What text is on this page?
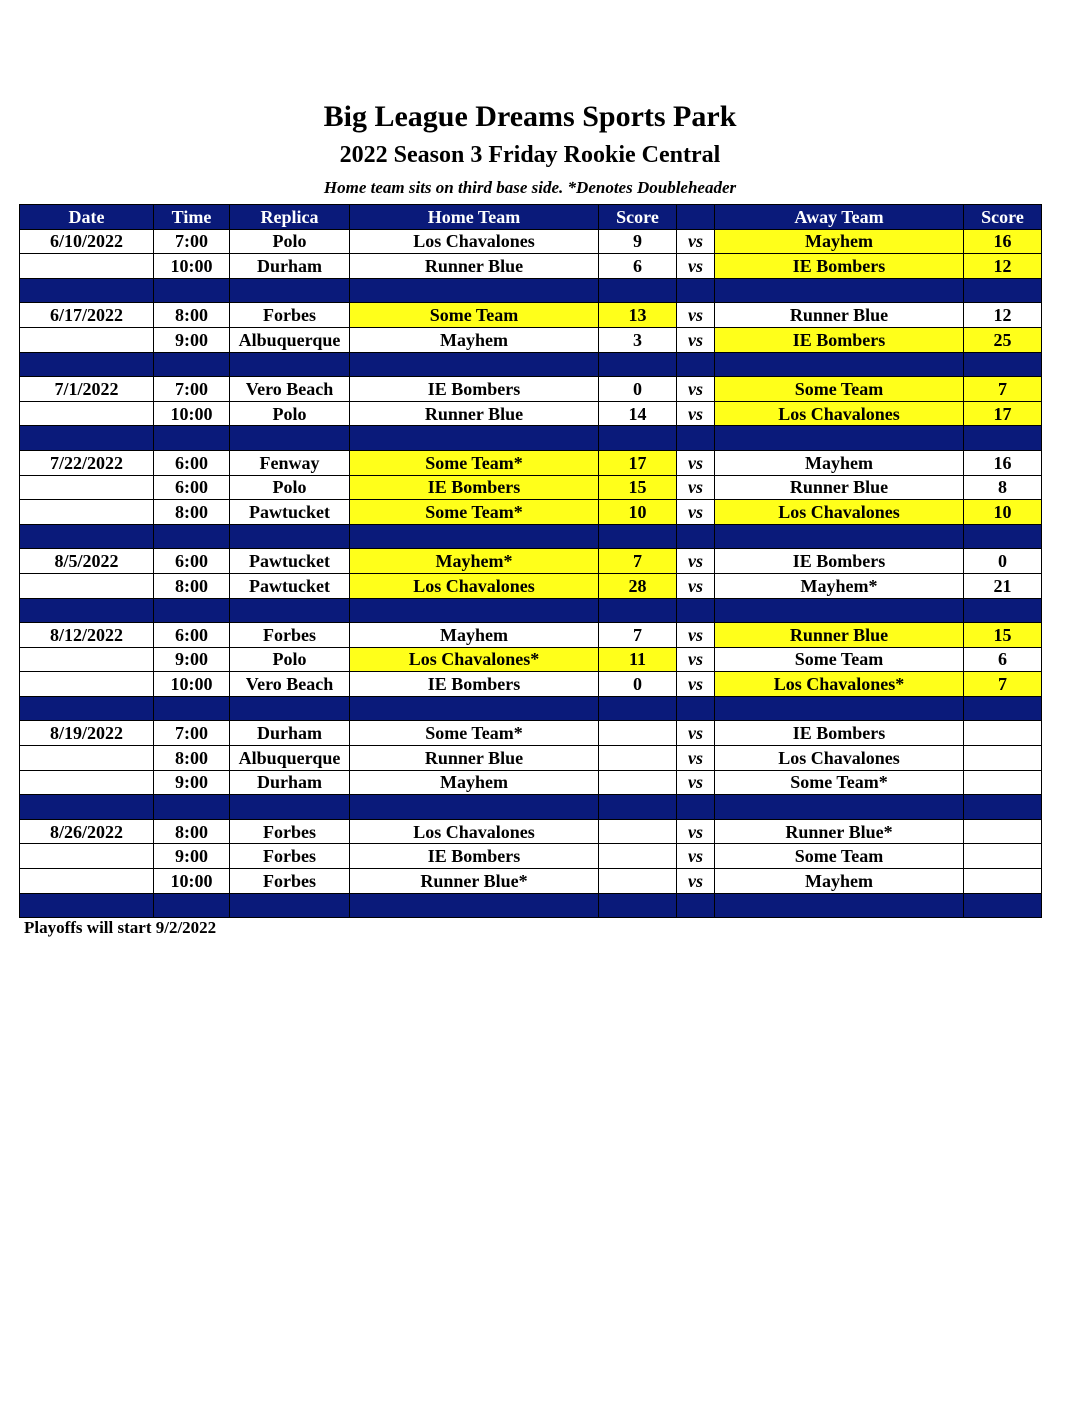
Big League Dreams Sports Park
2022 Season 3 Friday Rookie Central
Home team sits on third base side. *Denotes Doubleheader
Date	Time	Replica	Home Team	Score		Away Team	Score
6/10/2022	7:00	Polo	Los Chavalones	9	vs	Mayhem	16
	10:00	Durham	Runner Blue	6	vs	IE Bombers	12

6/17/2022	8:00	Forbes	Some Team	13	vs	Runner Blue	12
	9:00	Albuquerque	Mayhem	3	vs	IE Bombers	25

7/1/2022	7:00	Vero Beach	IE Bombers	0	vs	Some Team	7
	10:00	Polo	Runner Blue	14	vs	Los Chavalones	17

7/22/2022	6:00	Fenway	Some Team*	17	vs	Mayhem	16
	6:00	Polo	IE Bombers	15	vs	Runner Blue	8
	8:00	Pawtucket	Some Team*	10	vs	Los Chavalones	10

8/5/2022	6:00	Pawtucket	Mayhem*	7	vs	IE Bombers	0
	8:00	Pawtucket	Los Chavalones	28	vs	Mayhem*	21

8/12/2022	6:00	Forbes	Mayhem	7	vs	Runner Blue	15
	9:00	Polo	Los Chavalones*	11	vs	Some Team	6
	10:00	Vero Beach	IE Bombers	0	vs	Los Chavalones*	7

8/19/2022	7:00	Durham	Some Team*		vs	IE Bombers	
	8:00	Albuquerque	Runner Blue		vs	Los Chavalones	
	9:00	Durham	Mayhem		vs	Some Team*	

8/26/2022	8:00	Forbes	Los Chavalones		vs	Runner Blue*	
	9:00	Forbes	IE Bombers		vs	Some Team	
	10:00	Forbes	Runner Blue*		vs	Mayhem	

Playoffs will start 9/2/2022
